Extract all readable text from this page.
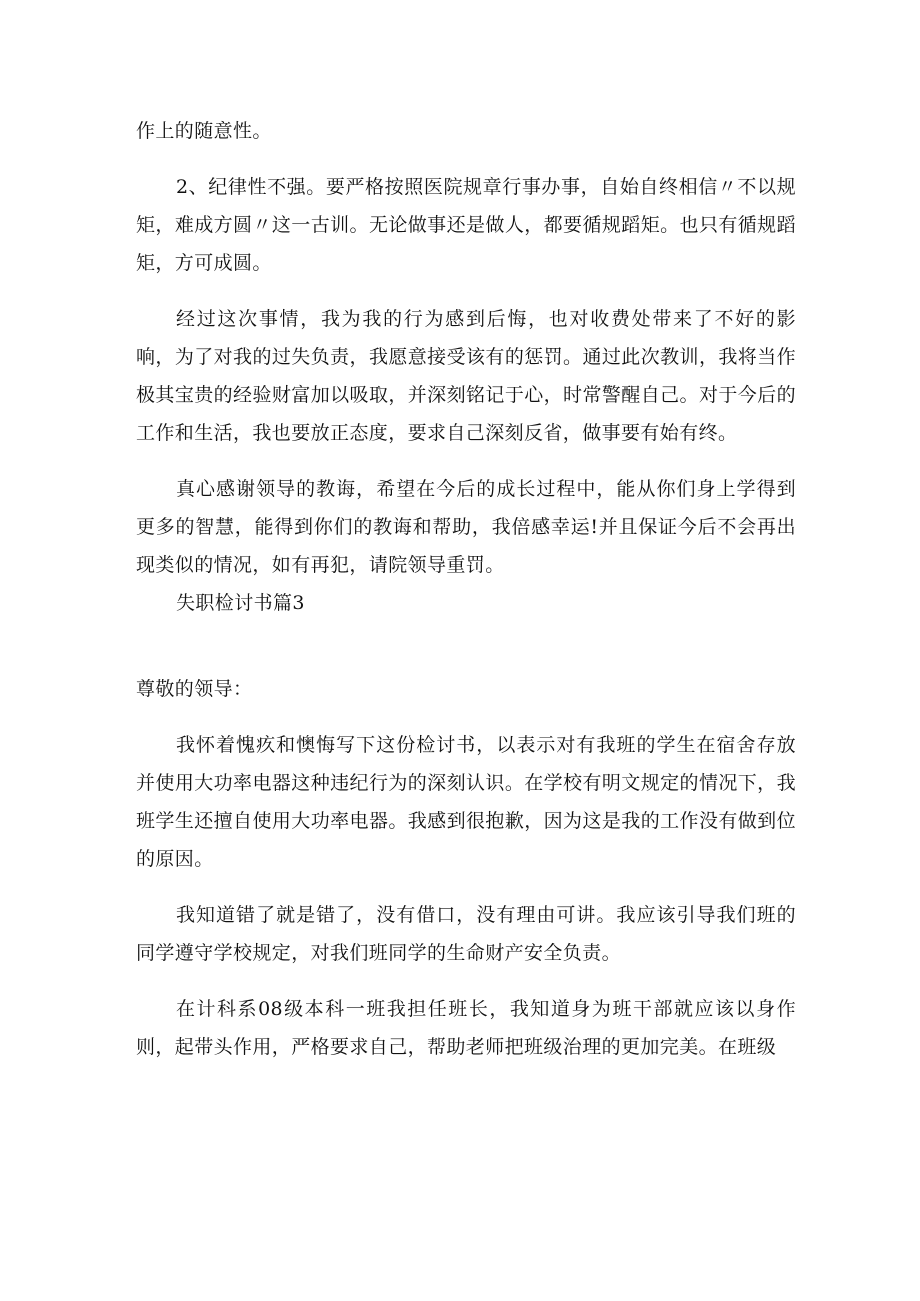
作上的随意性。

2、纪律性不强。要严格按照医院规章行事办事，自始自终相信〃不以规矩，难成方圆〃这一古训。无论做事还是做人，都要循规蹈矩。也只有循规蹈矩，方可成圆。

经过这次事情，我为我的行为感到后悔，也对收费处带来了不好的影响，为了对我的过失负责，我愿意接受该有的惩罚。通过此次教训，我将当作极其宝贵的经验财富加以吸取，并深刻铭记于心，时常警醒自己。对于今后的工作和生活，我也要放正态度，要求自己深刻反省，做事要有始有终。

真心感谢领导的教诲，希望在今后的成长过程中，能从你们身上学得到更多的智慧，能得到你们的教诲和帮助，我倍感幸运!并且保证今后不会再出现类似的情况，如有再犯，请院领导重罚。

失职检讨书篇3

尊敬的领导：

我怀着愧疚和懊悔写下这份检讨书，以表示对有我班的学生在宿舍存放并使用大功率电器这种违纪行为的深刻认识。在学校有明文规定的情况下，我班学生还擅自使用大功率电器。我感到很抱歉，因为这是我的工作没有做到位的原因。

我知道错了就是错了，没有借口，没有理由可讲。我应该引导我们班的同学遵守学校规定，对我们班同学的生命财产安全负责。

在计科系08级本科一班我担任班长，我知道身为班干部就应该以身作则，起带头作用，严格要求自己，帮助老师把班级治理的更加完美。在班级
